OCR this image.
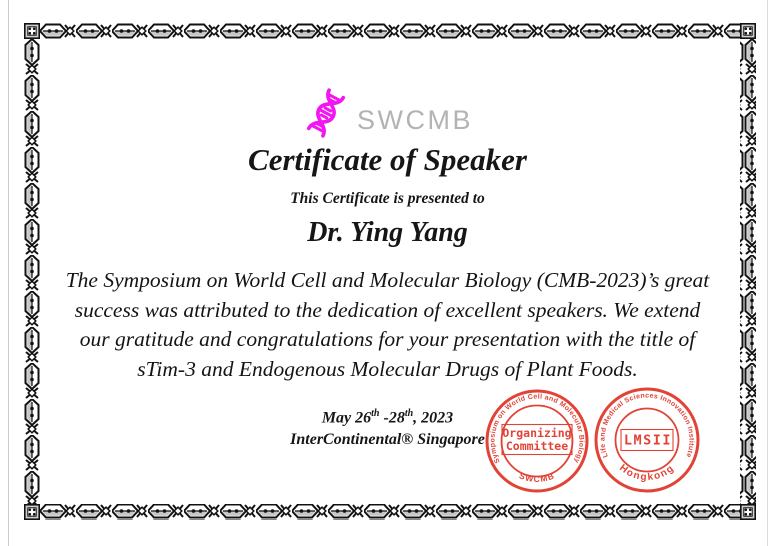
SWCMB
Certificate of Speaker
This Certificate is presented to
Dr. Ying Yang
The Symposium on World Cell and Molecular Biology (CMB-2023)’s great
success was attributed to the dedication of excellent speakers. We extend
our gratitude and congratulations for your presentation with the title of
sTim-3 and Endogenous Molecular Drugs of Plant Foods.
May 26th -28th, 2023
InterContinental® Singapore
Symposium on World Cell and Molecular Biology
SWCMB
Organizing
Committee
Life and Medical Sciences Innovation Institute
Hongkong
LMSII
